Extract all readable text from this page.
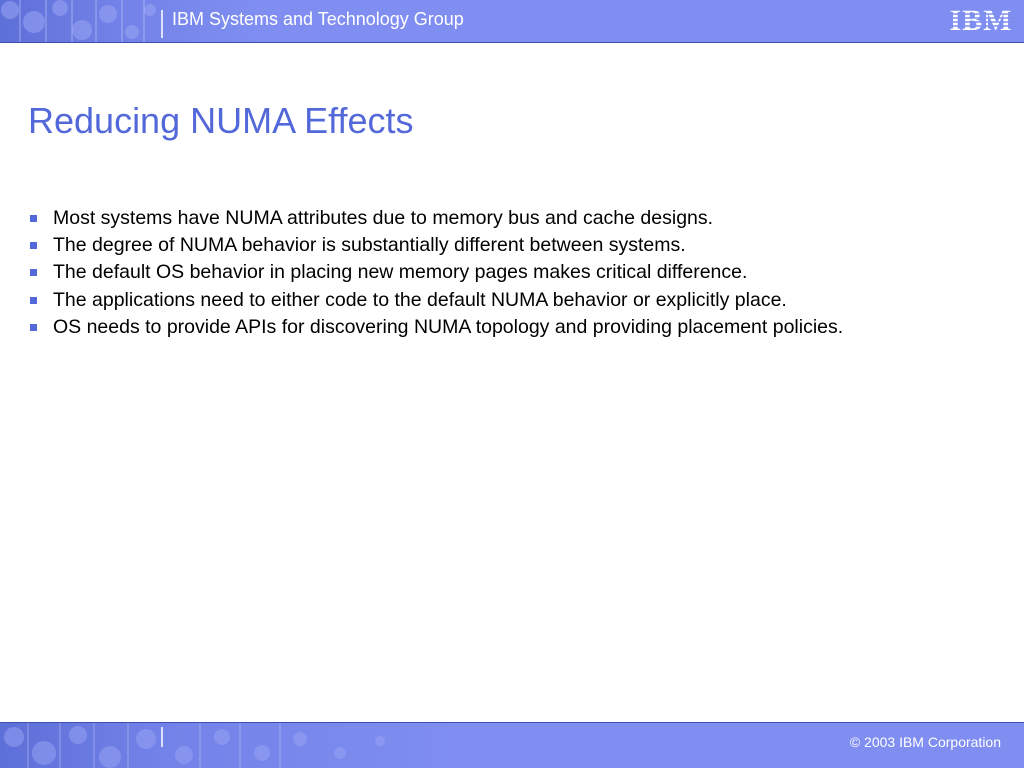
IBM Systems and Technology Group	IBM
Reducing NUMA Effects
Most systems have NUMA attributes due to memory bus and cache designs.
The degree of NUMA behavior is substantially different between systems.
The default OS behavior in placing new memory pages makes critical difference.
The applications need to either code to the default NUMA behavior or explicitly place.
OS needs to provide APIs for discovering NUMA topology and providing placement policies.
© 2003 IBM Corporation
